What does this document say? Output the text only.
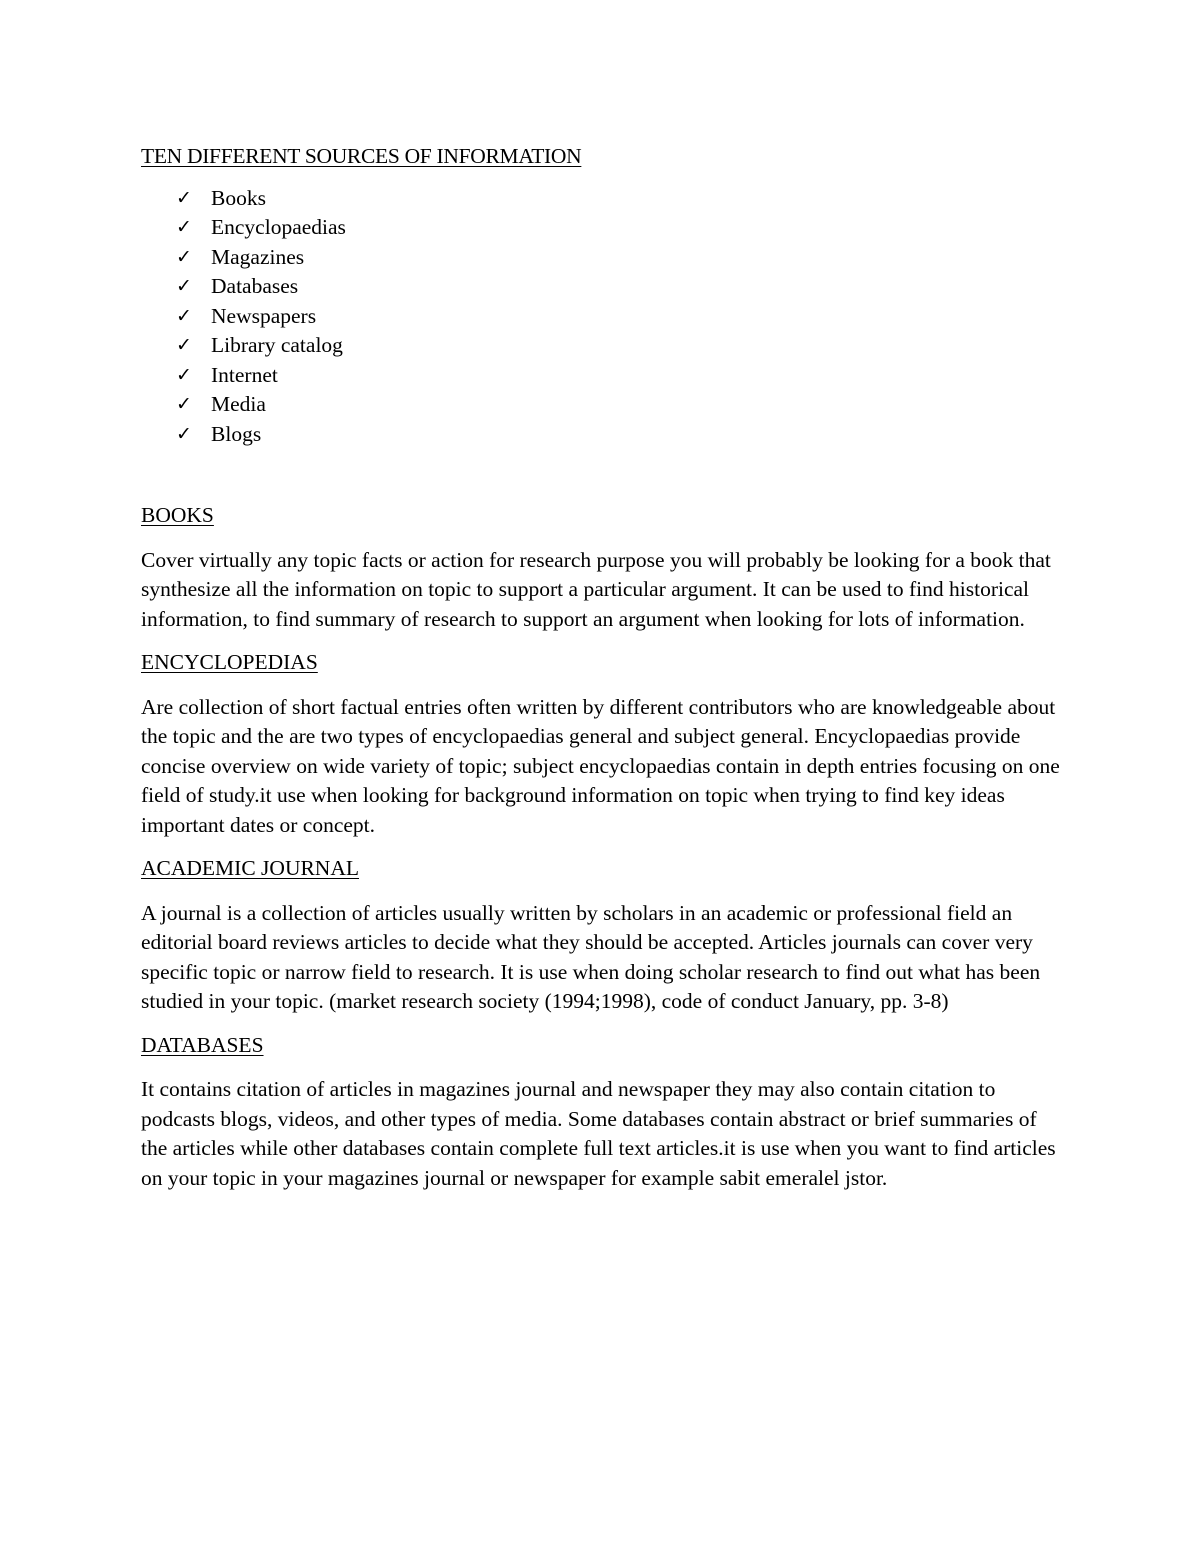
TEN DIFFERENT SOURCES OF INFORMATION
✓ Books
✓ Encyclopaedias
✓ Magazines
✓ Databases
✓ Newspapers
✓ Library catalog
✓ Internet
✓ Media
✓ Blogs
BOOKS

Cover virtually any topic facts or action for research purpose you will probably be looking for a book that synthesize all the information on topic to support a particular argument. It can be used to find historical information, to find summary of research to support an argument when looking for lots of information.

ENCYCLOPEDIAS

Are collection of short factual entries often written by different contributors who are knowledgeable about the topic and the are two types of encyclopaedias general and subject general. Encyclopaedias provide concise overview on wide variety of topic; subject encyclopaedias contain in depth entries focusing on one field of study.it use when looking for background information on topic when trying to find key ideas important dates or concept.

ACADEMIC JOURNAL

A journal is a collection of articles usually written by scholars in an academic or professional field an editorial board reviews articles to decide what they should be accepted. Articles journals can cover very specific topic or narrow field to research. It is use when doing scholar research to find out what has been studied in your topic. (market research society (1994;1998), code of conduct January, pp. 3-8)

DATABASES

It contains citation of articles in magazines journal and newspaper they may also contain citation to podcasts blogs, videos, and other types of media. Some databases contain abstract or brief summaries of the articles while other databases contain complete full text articles.it is use when you want to find articles on your topic in your magazines journal or newspaper for example sabit emeralel jstor.
